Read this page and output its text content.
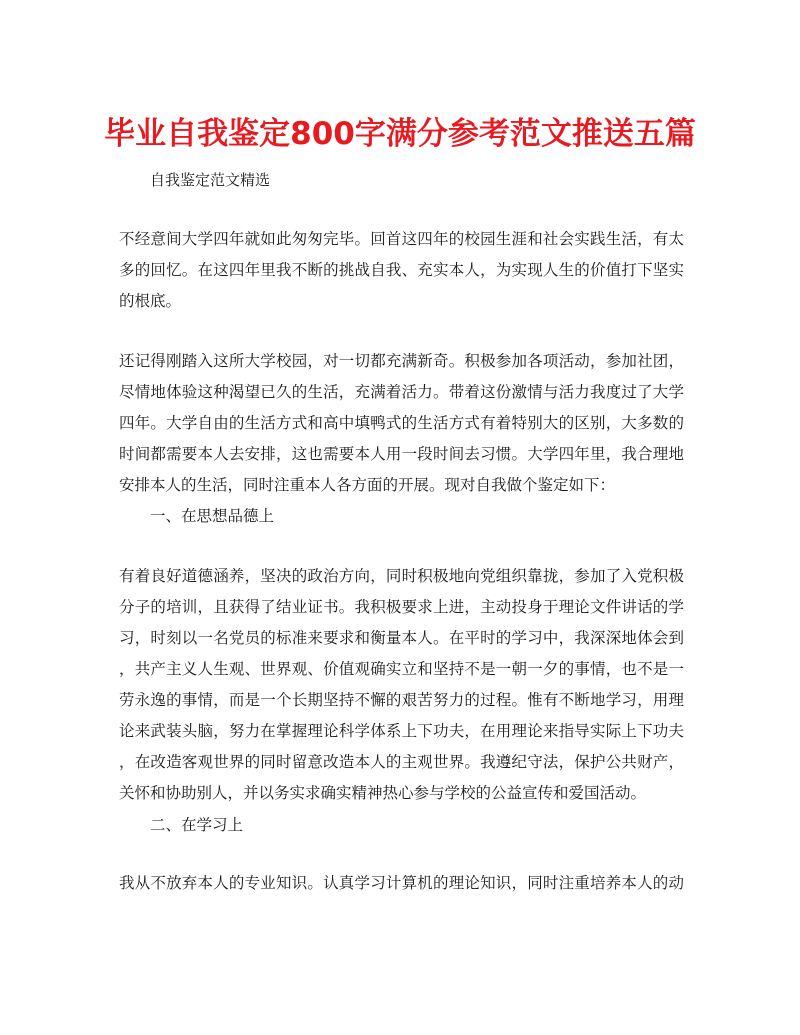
毕业自我鉴定800字满分参考范文推送五篇
自我鉴定范文精选
不经意间大学四年就如此匆匆完毕。回首这四年的校园生涯和社会实践生活，有太
多的回忆。在这四年里我不断的挑战自我、充实本人，为实现人生的价值打下坚实
的根底。
还记得刚踏入这所大学校园，对一切都充满新奇。积极参加各项活动，参加社团，
尽情地体验这种渴望已久的生活，充满着活力。带着这份激情与活力我度过了大学
四年。大学自由的生活方式和高中填鸭式的生活方式有着特别大的区别，大多数的
时间都需要本人去安排，这也需要本人用一段时间去习惯。大学四年里，我合理地
安排本人的生活，同时注重本人各方面的开展。现对自我做个鉴定如下：
一、在思想品德上
有着良好道德涵养，坚决的政治方向，同时积极地向党组织靠拢，参加了入党积极
分子的培训，且获得了结业证书。我积极要求上进，主动投身于理论文件讲话的学
习，时刻以一名党员的标准来要求和衡量本人。在平时的学习中，我深深地体会到
，共产主义人生观、世界观、价值观确实立和坚持不是一朝一夕的事情，也不是一
劳永逸的事情，而是一个长期坚持不懈的艰苦努力的过程。惟有不断地学习，用理
论来武装头脑，努力在掌握理论科学体系上下功夫，在用理论来指导实际上下功夫
，在改造客观世界的同时留意改造本人的主观世界。我遵纪守法，保护公共财产，
关怀和协助别人，并以务实求确实精神热心参与学校的公益宣传和爱国活动。
二、在学习上
我从不放弃本人的专业知识。认真学习计算机的理论知识，同时注重培养本人的动
